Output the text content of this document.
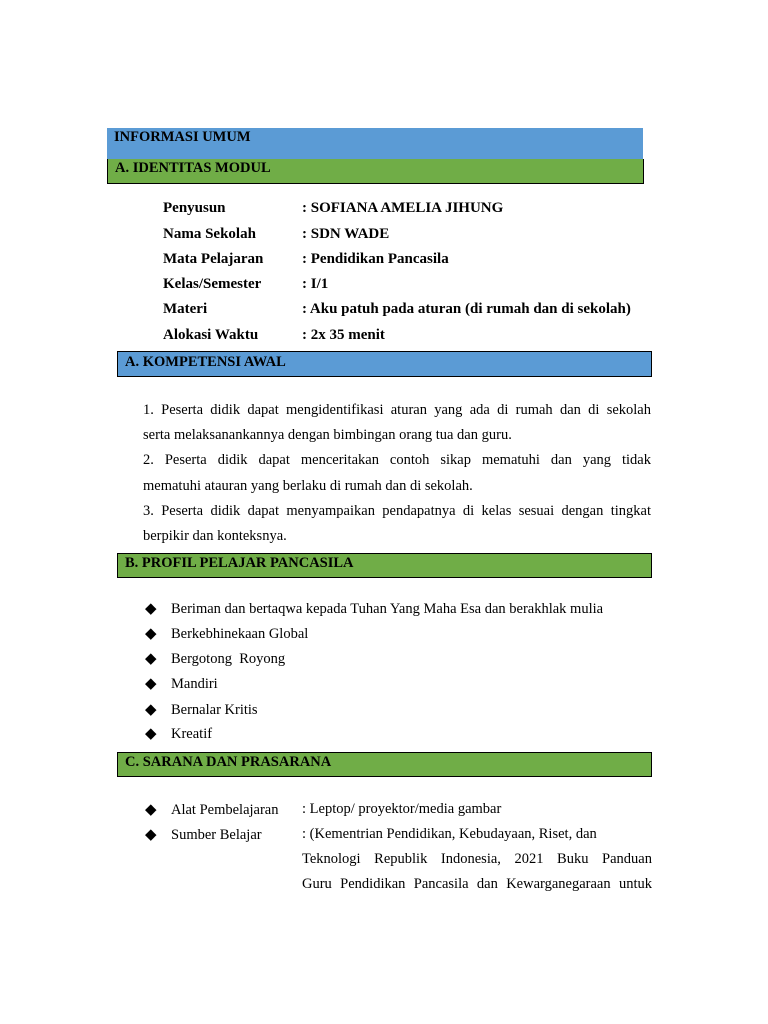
INFORMASI UMUM
A. IDENTITAS MODUL
Penyusun	: SOFIANA AMELIA JIHUNG
Nama Sekolah	: SDN WADE
Mata Pelajaran	: Pendidikan Pancasila
Kelas/Semester	: I/1
Materi	: Aku patuh pada aturan (di rumah dan di sekolah)
Alokasi Waktu	: 2x 35 menit
A. KOMPETENSI AWAL
1. Peserta didik dapat mengidentifikasi aturan yang ada di rumah dan di sekolah
serta melaksanankannya dengan bimbingan orang tua dan guru.
2. Peserta didik dapat menceritakan contoh sikap mematuhi dan yang tidak
mematuhi atauran yang berlaku di rumah dan di sekolah.
3. Peserta didik dapat menyampaikan pendapatnya di kelas sesuai dengan tingkat
berpikir dan konteksnya.
B. PROFIL PELAJAR PANCASILA
◆ Beriman dan bertaqwa kepada Tuhan Yang Maha Esa dan berakhlak mulia
◆ Berkebhinekaan Global
◆ Bergotong  Royong
◆ Mandiri
◆ Bernalar Kritis
◆ Kreatif
C. SARANA DAN PRASARANA
◆ Alat Pembelajaran : Leptop/ proyektor/media gambar
◆ Sumber Belajar	: (Kementrian Pendidikan, Kebudayaan, Riset, dan
Teknologi Republik Indonesia, 2021 Buku Panduan
Guru Pendidikan Pancasila dan Kewarganegaraan untuk
